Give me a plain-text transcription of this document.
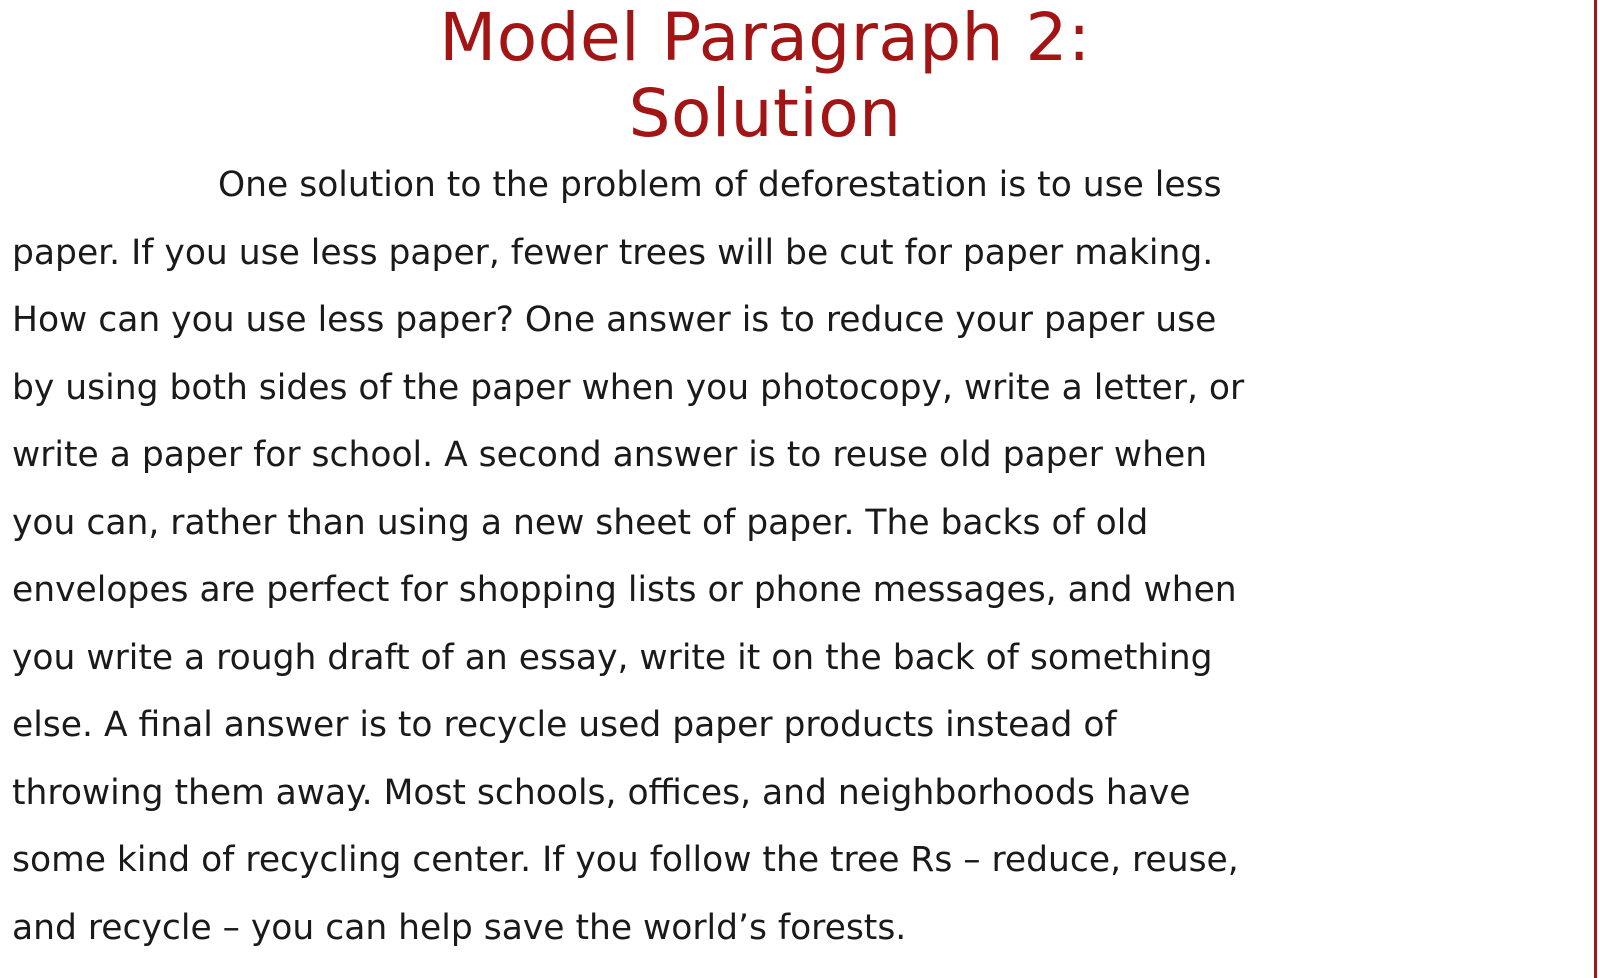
Model Paragraph 2:
Solution
One solution to the problem of deforestation is to use less
paper. If you use less paper, fewer trees will be cut for paper making.
How can you use less paper? One answer is to reduce your paper use
by using both sides of the paper when you photocopy, write a letter, or
write a paper for school. A second answer is to reuse old paper when
you can, rather than using a new sheet of paper. The backs of old
envelopes are perfect for shopping lists or phone messages, and when
you write a rough draft of an essay, write it on the back of something
else. A final answer is to recycle used paper products instead of
throwing them away. Most schools, offices, and neighborhoods have
some kind of recycling center. If you follow the tree Rs – reduce, reuse,
and recycle – you can help save the world’s forests.
